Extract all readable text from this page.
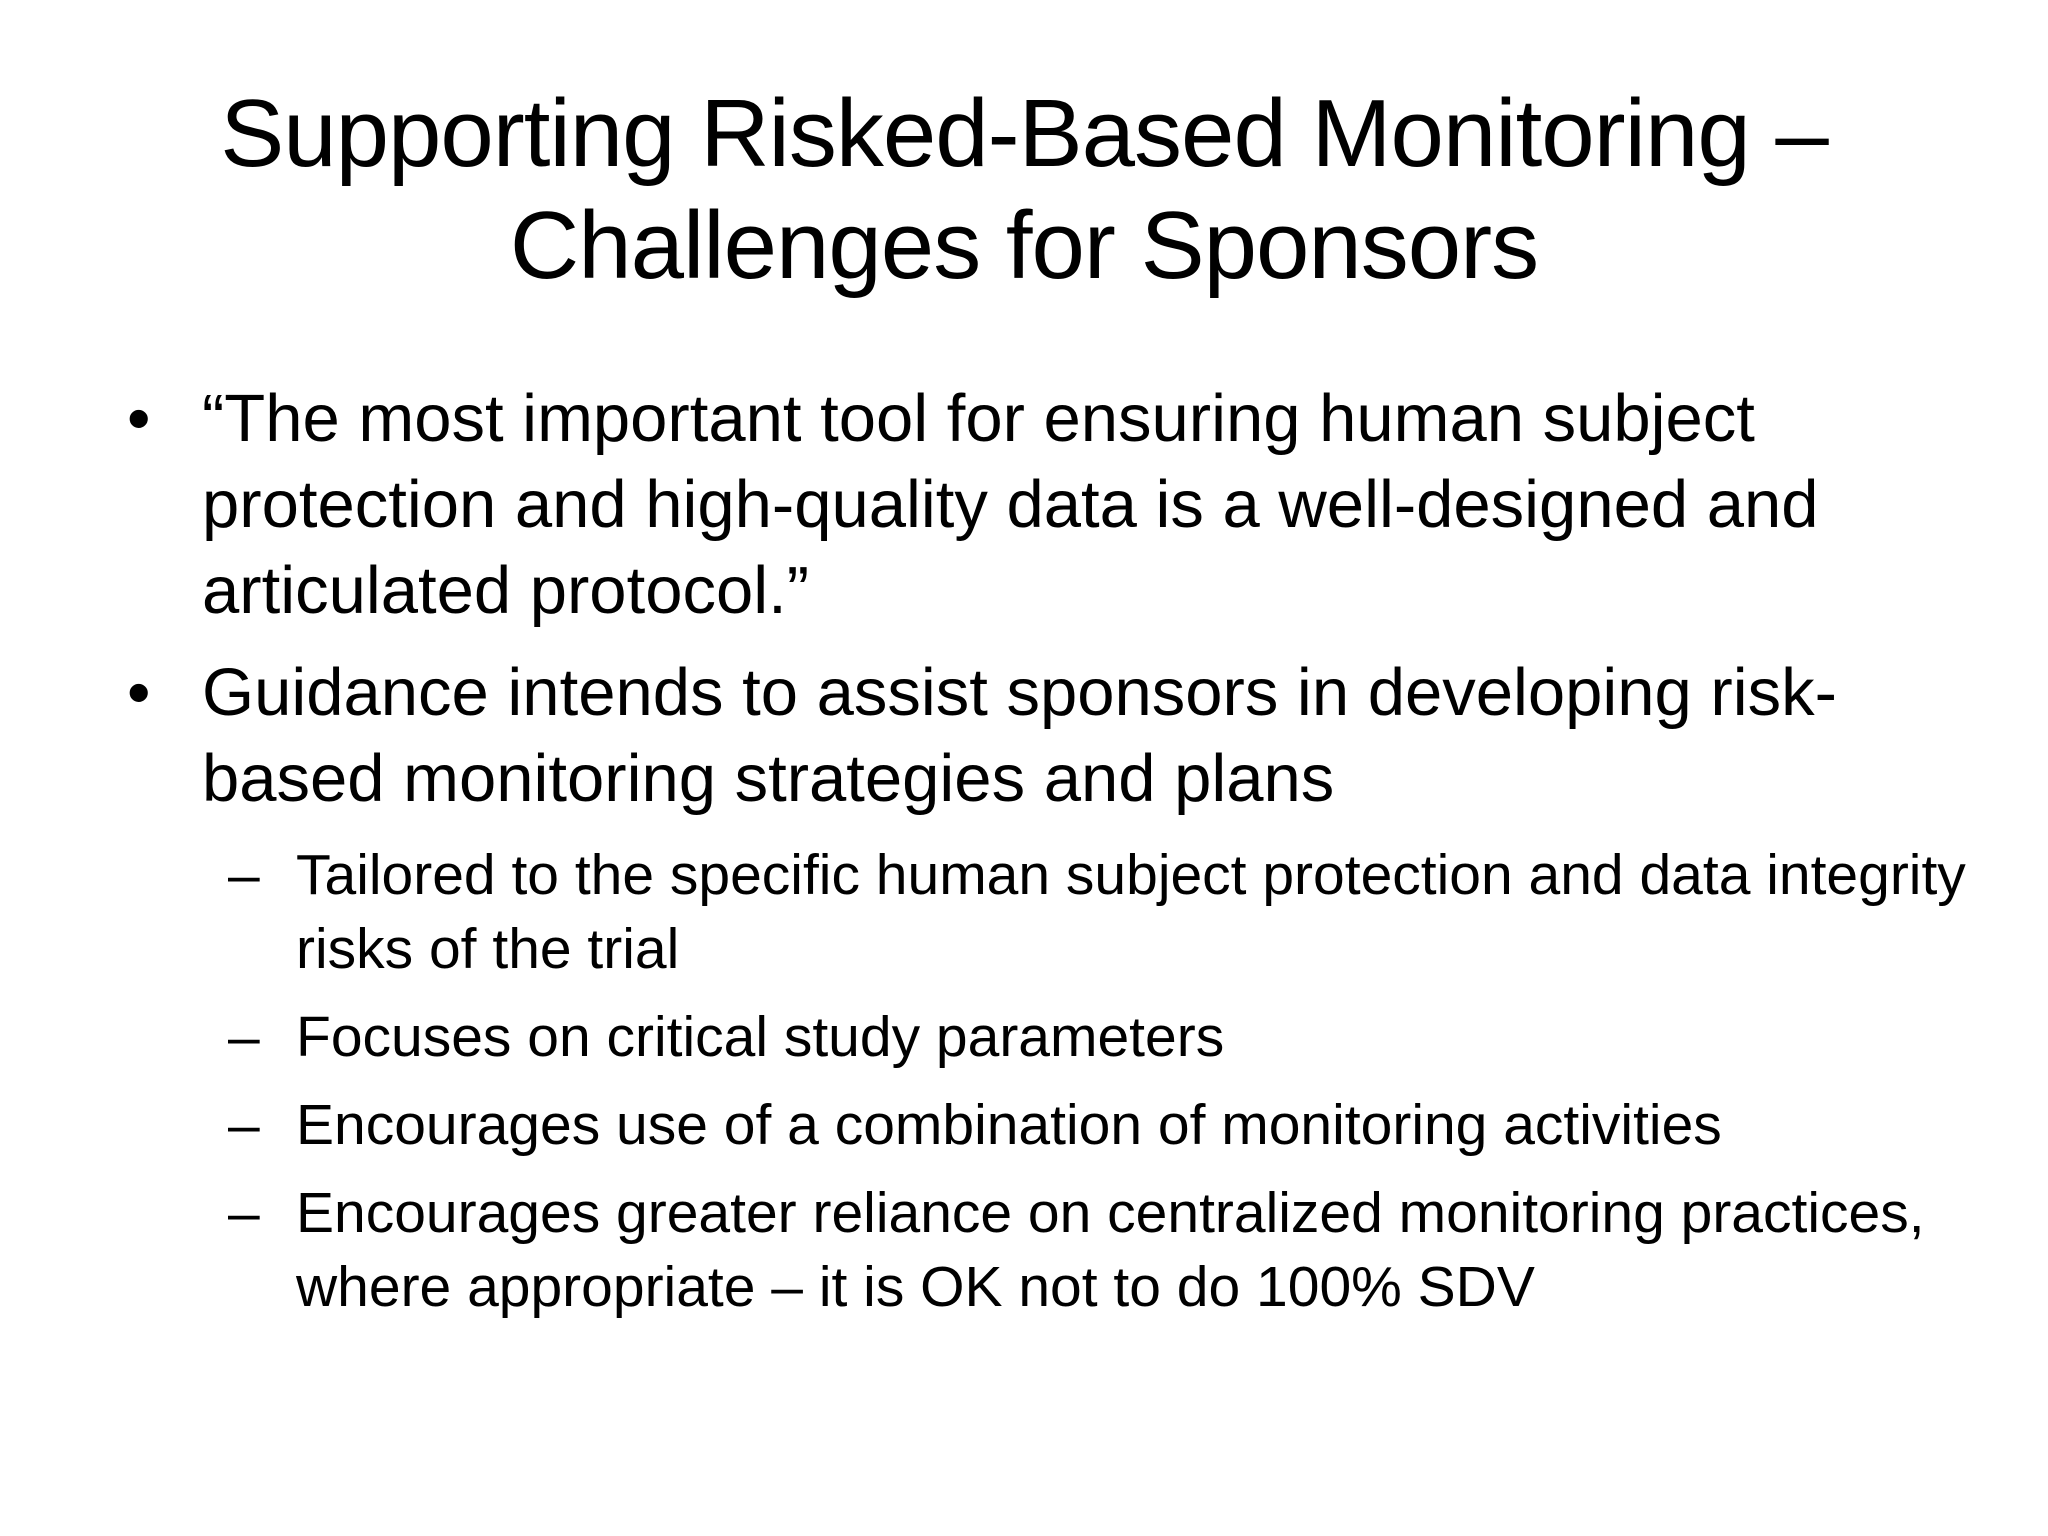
Supporting Risked-Based Monitoring –
Challenges for Sponsors
• “The most important tool for ensuring human subject protection and high-quality data is a well-designed and articulated protocol.”
• Guidance intends to assist sponsors in developing risk-based monitoring strategies and plans
– Tailored to the specific human subject protection and data integrity risks of the trial
– Focuses on critical study parameters
– Encourages use of a combination of monitoring activities
– Encourages greater reliance on centralized monitoring practices, where appropriate – it is OK not to do 100% SDV
